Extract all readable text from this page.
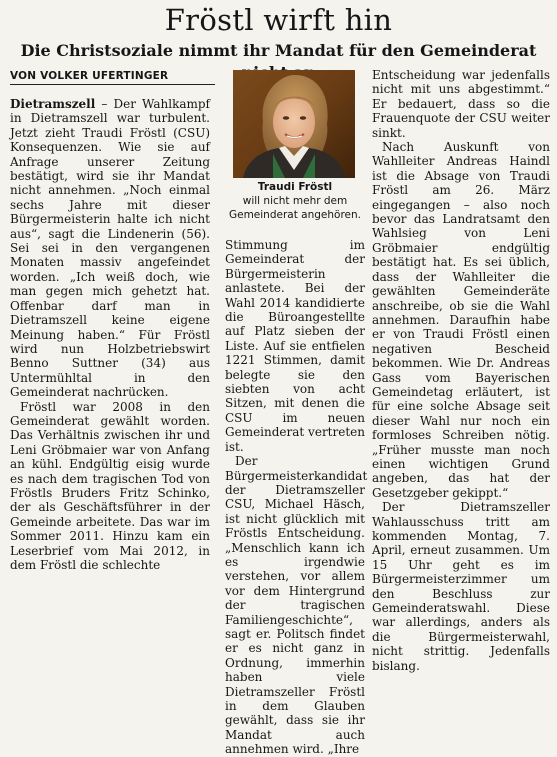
Fröstl wirft hin
Die Christsoziale nimmt ihr Mandat für den Gemeinderat
VON VOLKER UFERTINGER

Dietramszell – Der Wahlkampf in Dietramszell war turbulent. Jetzt zieht Traudi Fröstl (CSU) Konsequenzen. Wie sie auf Anfrage unserer Zeitung bestätigt, wird sie ihr Mandat nicht annehmen. „Noch einmal sechs Jahre mit dieser Bürgermeisterin halte ich nicht aus“, sagt die Lindenerin (56). Sei sei in den vergangenen Monaten massiv angefeindet worden. „Ich weiß doch, wie man gegen mich gehetzt hat. Offenbar darf man in Dietramszell keine eigene Meinung haben.“ Für Fröstl wird nun Holzbetriebswirt Benno Suttner (34) aus Untermühltal in den Gemeinderat nachrücken.

Fröstl war 2008 in den Gemeinderat gewählt worden. Das Verhältnis zwischen ihr und Leni Gröbmaier war von Anfang an kühl. Endgültig eisig wurde es nach dem tragischen Tod von Fröstls Bruders Fritz Schinko, der als Geschäftsführer in der Gemeinde arbeitete. Das war im Sommer 2011. Hinzu kam ein Leserbrief vom Mai 2012, in dem Fröstl die schlechte

Traudi Fröstl
will nicht mehr dem Gemeinderat angehören.

Stimmung im Gemeinderat der Bürgermeisterin anlastete. Bei der Wahl 2014 kandidierte die Büroangestellte auf Platz sieben der Liste. Auf sie entfielen 1221 Stimmen, damit belegte sie den siebten von acht Sitzen, mit denen die CSU im neuen Gemeinderat vertreten ist.

Der Bürgermeisterkandidat der Dietramszeller CSU, Michael Häsch, ist nicht glücklich mit Fröstls Entscheidung. „Menschlich kann ich es irgendwie verstehen, vor allem vor dem Hintergrund der tragischen Familiengeschichte“, sagt er. Politsch findet er es nicht ganz in Ordnung, immerhin haben viele Dietramszeller Fröstl in dem Glauben gewählt, dass sie ihr Mandat auch annehmen wird. „Ihre

Entscheidung war jedenfalls nicht mit uns abgestimmt.“ Er bedauert, dass so die Frauenquote der CSU weiter sinkt.

Nach Auskunft von Wahlleiter Andreas Haindl ist die Absage von Traudi Fröstl am 26. März eingegangen – also noch bevor das Landratsamt den Wahlsieg von Leni Gröbmaier endgültig bestätigt hat. Es sei üblich, dass der Wahlleiter die gewählten Gemeinderäte anschreibe, ob sie die Wahl annehmen. Daraufhin habe er von Traudi Fröstl einen negativen Bescheid bekommen. Wie Dr. Andreas Gass vom Bayerischen Gemeindetag erläutert, ist für eine solche Absage seit dieser Wahl nur noch ein formloses Schreiben nötig. „Früher musste man noch einen wichtigen Grund angeben, das hat der Gesetzgeber gekippt.“

Der Dietramszeller Wahlausschuss tritt am kommenden Montag, 7. April, erneut zusammen. Um 15 Uhr geht es im Bürgermeisterzimmer um den Beschluss zur Gemeinderatswahl. Diese war allerdings, anders als die Bürgermeisterwahl, nicht strittig. Jedenfalls bislang.
